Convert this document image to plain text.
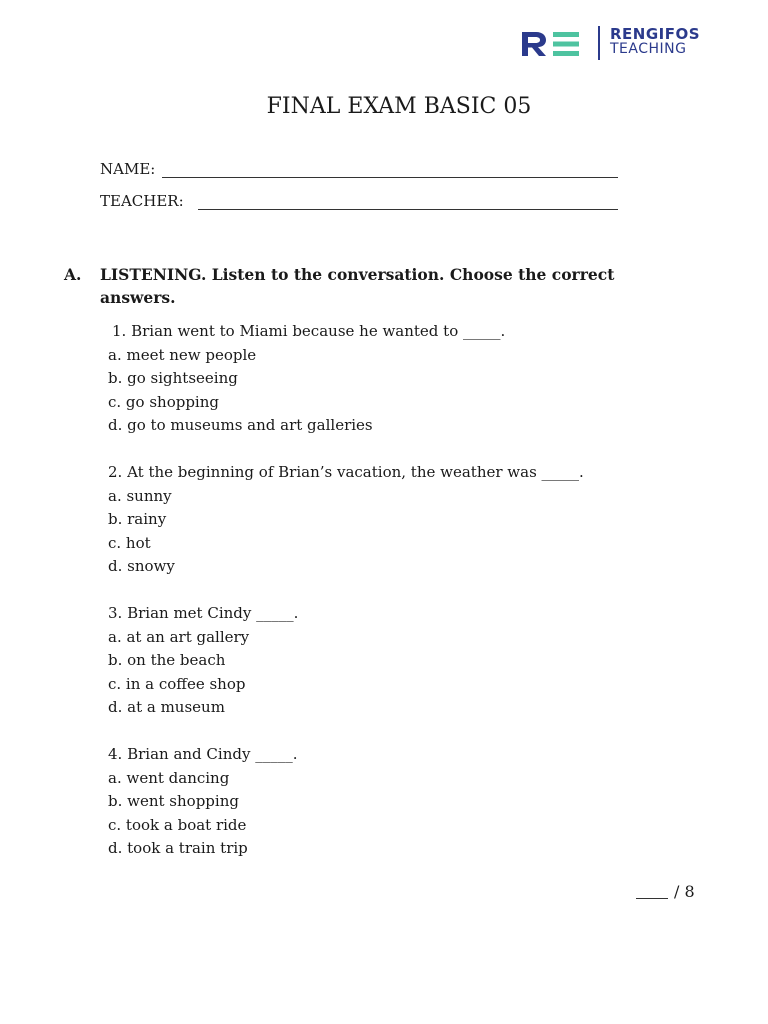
RENGIFOS
TEACHING
FINAL EXAM BASIC 05
NAME:
TEACHER:
A. LISTENING. Listen to the conversation. Choose the correct answers.
1. Brian went to Miami because he wanted to _____.
a. meet new people
b. go sightseeing
c. go shopping
d. go to museums and art galleries
2. At the beginning of Brian’s vacation, the weather was _____.
a. sunny
b. rainy
c. hot
d. snowy
3. Brian met Cindy _____.
a. at an art gallery
b. on the beach
c. in a coffee shop
d. at a museum
4. Brian and Cindy _____.
a. went dancing
b. went shopping
c. took a boat ride
d. took a train trip
/ 8
